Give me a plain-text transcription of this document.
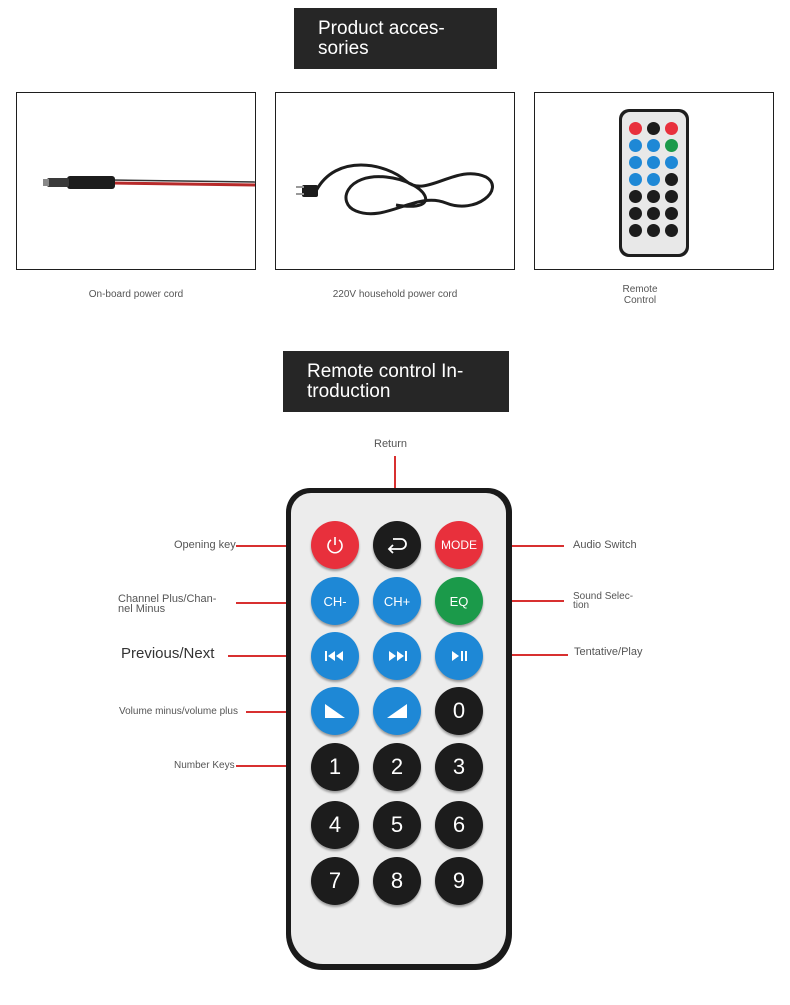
Product acces-
sories
On-board power cord	220V household power cord	Remote
Control
Remote control In-
troduction
Return
Opening key	Audio Switch
Channel Plus/Chan-
nel Minus
Sound Selec-
tion
Previous/Next	Tentative/Play
Volume minus/volume plus
Number Keys
MODE
CH-	CH+	EQ
0
1	2	3
4	5	6
7	8	9
